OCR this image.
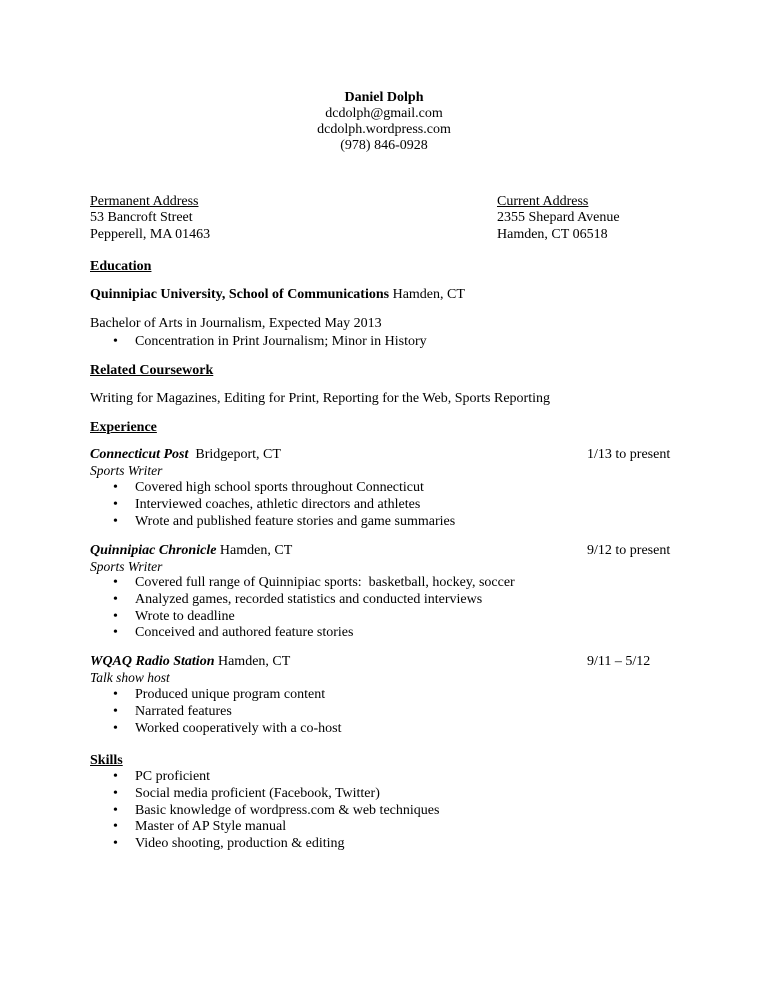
Daniel Dolph
dcdolph@gmail.com
dcdolph.wordpress.com
(978) 846-0928
Permanent Address
53 Bancroft Street
Pepperell, MA 01463
Current Address
2355 Shepard Avenue
Hamden, CT 06518
Education
Quinnipiac University, School of Communications Hamden, CT
Bachelor of Arts in Journalism, Expected May 2013
• Concentration in Print Journalism; Minor in History
Related Coursework
Writing for Magazines, Editing for Print, Reporting for the Web, Sports Reporting
Experience
Connecticut Post  Bridgeport, CT	1/13 to present
Sports Writer
• Covered high school sports throughout Connecticut
• Interviewed coaches, athletic directors and athletes
• Wrote and published feature stories and game summaries
Quinnipiac Chronicle Hamden, CT	9/12 to present
Sports Writer
• Covered full range of Quinnipiac sports:  basketball, hockey, soccer
• Analyzed games, recorded statistics and conducted interviews
• Wrote to deadline
• Conceived and authored feature stories
WQAQ Radio Station Hamden, CT	9/11 – 5/12
Talk show host
• Produced unique program content
• Narrated features
• Worked cooperatively with a co-host
Skills
• PC proficient
• Social media proficient (Facebook, Twitter)
• Basic knowledge of wordpress.com & web techniques
• Master of AP Style manual
• Video shooting, production & editing
